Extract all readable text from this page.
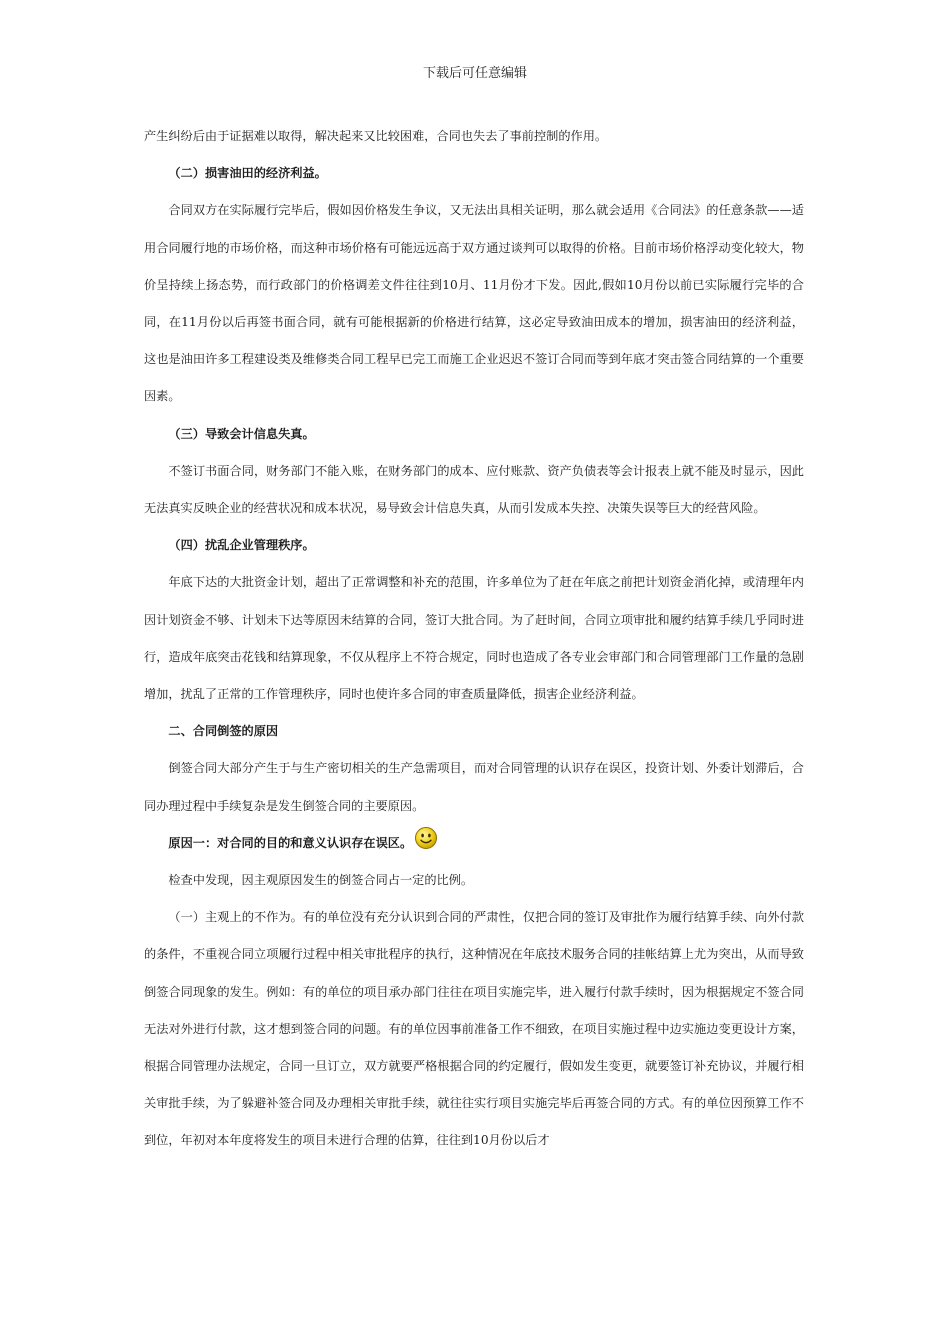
下载后可任意编辑

产生纠纷后由于证据难以取得，解决起来又比较困难，合同也失去了事前控制的作用。

（二）损害油田的经济利益。

合同双方在实际履行完毕后，假如因价格发生争议，又无法出具相关证明，那么就会适用《合同法》的任意条款——适用合同履行地的市场价格，而这种市场价格有可能远远高于双方通过谈判可以取得的价格。目前市场价格浮动变化较大，物价呈持续上扬态势，而行政部门的价格调差文件往往到10月、11月份才下发。因此,假如10月份以前已实际履行完毕的合同，在11月份以后再签书面合同，就有可能根据新的价格进行结算，这必定导致油田成本的增加，损害油田的经济利益，这也是油田许多工程建设类及维修类合同工程早已完工而施工企业迟迟不签订合同而等到年底才突击签合同结算的一个重要因素。

（三）导致会计信息失真。

不签订书面合同，财务部门不能入账，在财务部门的成本、应付账款、资产负债表等会计报表上就不能及时显示，因此无法真实反映企业的经营状况和成本状况，易导致会计信息失真，从而引发成本失控、决策失误等巨大的经营风险。

（四）扰乱企业管理秩序。

年底下达的大批资金计划，超出了正常调整和补充的范围，许多单位为了赶在年底之前把计划资金消化掉，或清理年内因计划资金不够、计划未下达等原因未结算的合同，签订大批合同。为了赶时间，合同立项审批和履约结算手续几乎同时进行，造成年底突击花钱和结算现象，不仅从程序上不符合规定，同时也造成了各专业会审部门和合同管理部门工作量的急剧增加，扰乱了正常的工作管理秩序，同时也使许多合同的审查质量降低，损害企业经济利益。

二、合同倒签的原因

倒签合同大部分产生于与生产密切相关的生产急需项目，而对合同管理的认识存在误区，投资计划、外委计划滞后，合同办理过程中手续复杂是发生倒签合同的主要原因。

原因一：对合同的目的和意义认识存在误区。

检查中发现，因主观原因发生的倒签合同占一定的比例。

（一）主观上的不作为。有的单位没有充分认识到合同的严肃性，仅把合同的签订及审批作为履行结算手续、向外付款的条件，不重视合同立项履行过程中相关审批程序的执行，这种情况在年底技术服务合同的挂帐结算上尤为突出，从而导致倒签合同现象的发生。例如：有的单位的项目承办部门往往在项目实施完毕，进入履行付款手续时，因为根据规定不签合同无法对外进行付款，这才想到签合同的问题。有的单位因事前准备工作不细致，在项目实施过程中边实施边变更设计方案，根据合同管理办法规定，合同一旦订立，双方就要严格根据合同的约定履行，假如发生变更，就要签订补充协议，并履行相关审批手续，为了躲避补签合同及办理相关审批手续，就往往实行项目实施完毕后再签合同的方式。有的单位因预算工作不到位，年初对本年度将发生的项目未进行合理的估算，往往到10月份以后才
